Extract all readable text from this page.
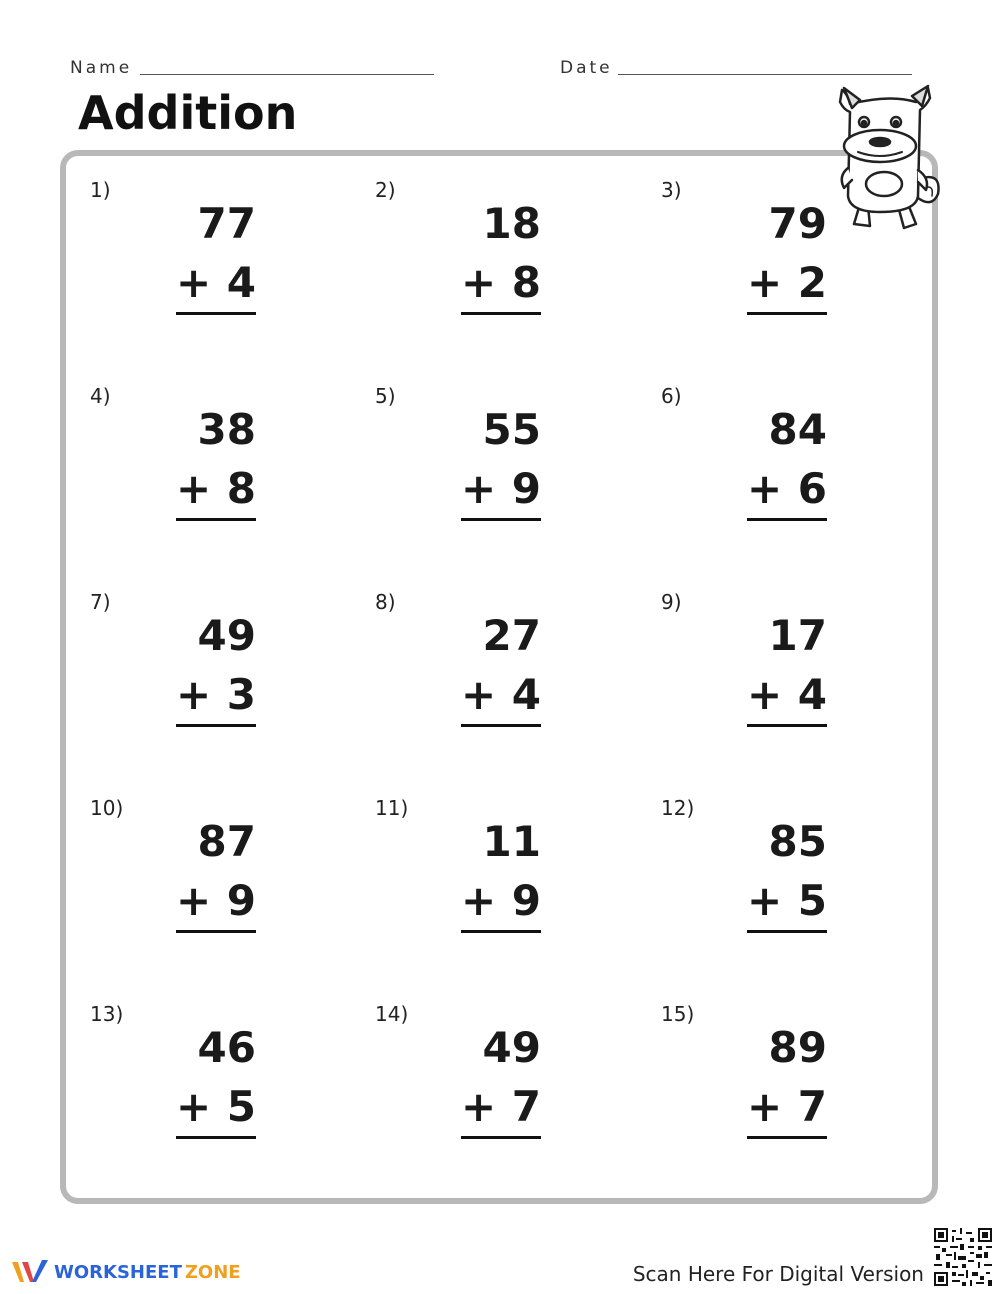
Name	Date
Addition
1)
77
+ 4
2)
18
+ 8
3)
79
+ 2
4)
38
+ 8
5)
55
+ 9
6)
84
+ 6
7)
49
+ 3
8)
27
+ 4
9)
17
+ 4
10)
87
+ 9
11)
11
+ 9
12)
85
+ 5
13)
46
+ 5
14)
49
+ 7
15)
89
+ 7
WORKSHEET ZONE	Scan Here For Digital Version
